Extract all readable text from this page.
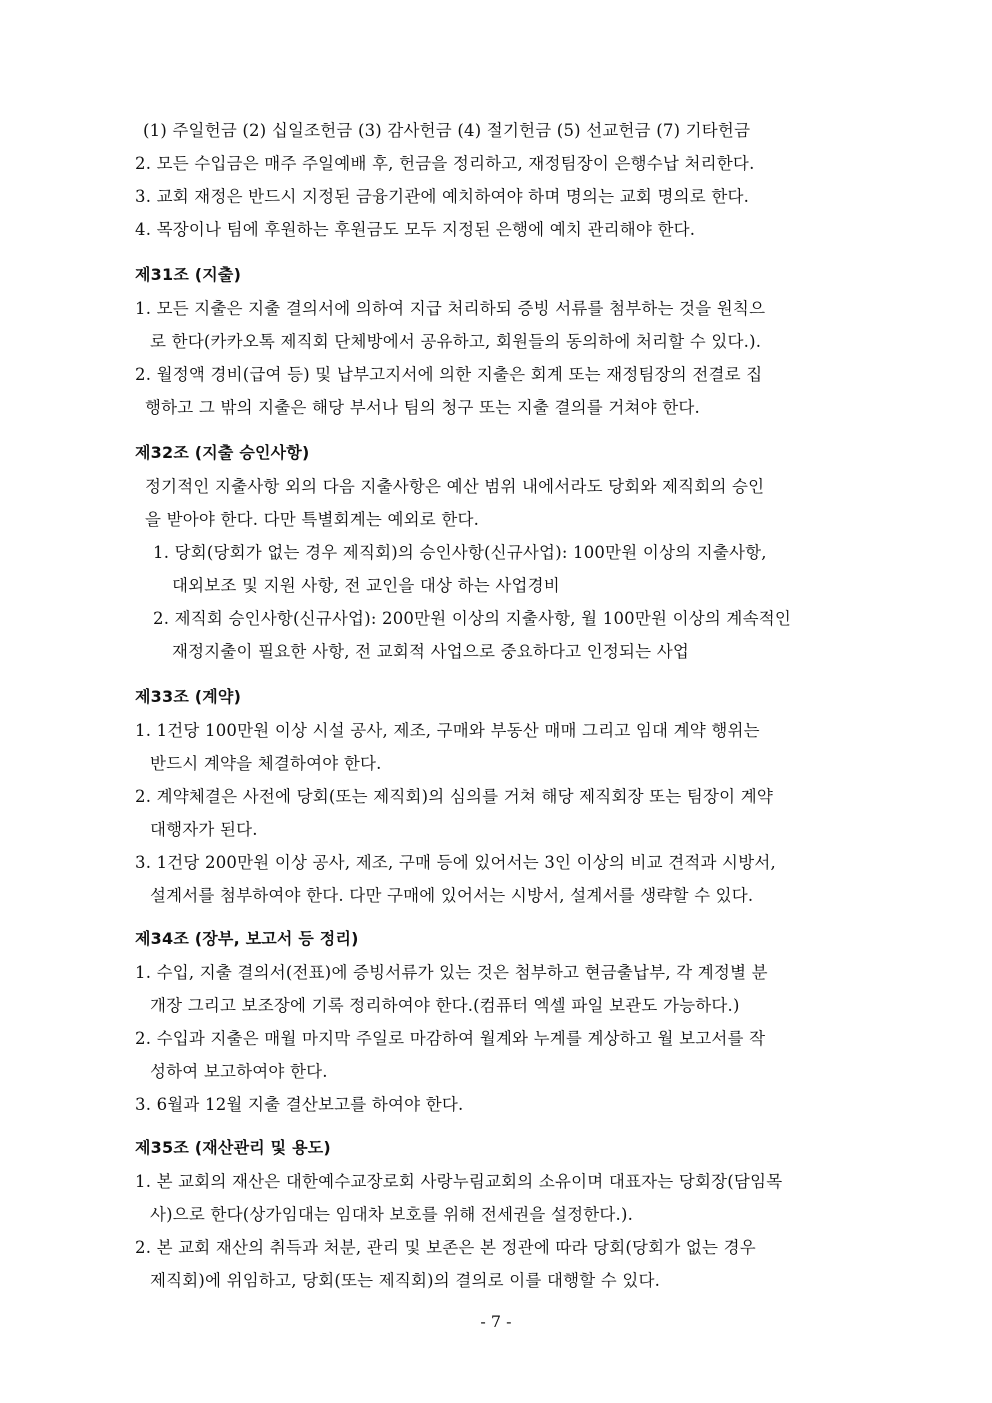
(1) 주일헌금 (2) 십일조헌금 (3) 감사헌금 (4) 절기헌금 (5) 선교헌금 (7) 기타헌금
2. 모든 수입금은 매주 주일예배 후, 헌금을 정리하고, 재정팀장이 은행수납 처리한다.
3. 교회 재정은 반드시 지정된 금융기관에 예치하여야 하며 명의는 교회 명의로 한다.
4. 목장이나 팀에 후원하는 후원금도 모두 지정된 은행에 예치 관리해야 한다.
제31조 (지출)
1. 모든 지출은 지출 결의서에 의하여 지급 처리하되 증빙 서류를 첨부하는 것을 원칙으
로 한다(카카오톡 제직회 단체방에서 공유하고, 회원들의 동의하에 처리할 수 있다.).
2. 월정액 경비(급여 등) 및 납부고지서에 의한 지출은 회계 또는 재정팀장의 전결로 집
행하고 그 밖의 지출은 해당 부서나 팀의 청구 또는 지출 결의를 거쳐야 한다.
제32조 (지출 승인사항)
정기적인 지출사항 외의 다음 지출사항은 예산 범위 내에서라도 당회와 제직회의 승인
을 받아야 한다. 다만 특별회계는 예외로 한다.
1. 당회(당회가 없는 경우 제직회)의 승인사항(신규사업): 100만원 이상의 지출사항,
대외보조 및 지원 사항, 전 교인을 대상 하는 사업경비
2. 제직회 승인사항(신규사업): 200만원 이상의 지출사항, 월 100만원 이상의 계속적인
재정지출이 필요한 사항, 전 교회적 사업으로 중요하다고 인정되는 사업
제33조 (계약)
1. 1건당 100만원 이상 시설 공사, 제조, 구매와 부동산 매매 그리고 임대 계약 행위는
반드시 계약을 체결하여야 한다.
2. 계약체결은 사전에 당회(또는 제직회)의 심의를 거쳐 해당 제직회장 또는 팀장이 계약
대행자가 된다.
3. 1건당 200만원 이상 공사, 제조, 구매 등에 있어서는 3인 이상의 비교 견적과 시방서,
설계서를 첨부하여야 한다. 다만 구매에 있어서는 시방서, 설계서를 생략할 수 있다.
제34조 (장부, 보고서 등 정리)
1. 수입, 지출 결의서(전표)에 증빙서류가 있는 것은 첨부하고 현금출납부, 각 계정별 분
개장 그리고 보조장에 기록 정리하여야 한다.(컴퓨터 엑셀 파일 보관도 가능하다.)
2. 수입과 지출은 매월 마지막 주일로 마감하여 월계와 누계를 계상하고 월 보고서를 작
성하여 보고하여야 한다.
3. 6월과 12월 지출 결산보고를 하여야 한다.
제35조 (재산관리 및 용도)
1. 본 교회의 재산은 대한예수교장로회 사랑누림교회의 소유이며 대표자는 당회장(담임목
사)으로 한다(상가임대는 임대차 보호를 위해 전세권을 설정한다.).
2. 본 교회 재산의 취득과 처분, 관리 및 보존은 본 정관에 따라 당회(당회가 없는 경우
제직회)에 위임하고, 당회(또는 제직회)의 결의로 이를 대행할 수 있다.
- 7 -
